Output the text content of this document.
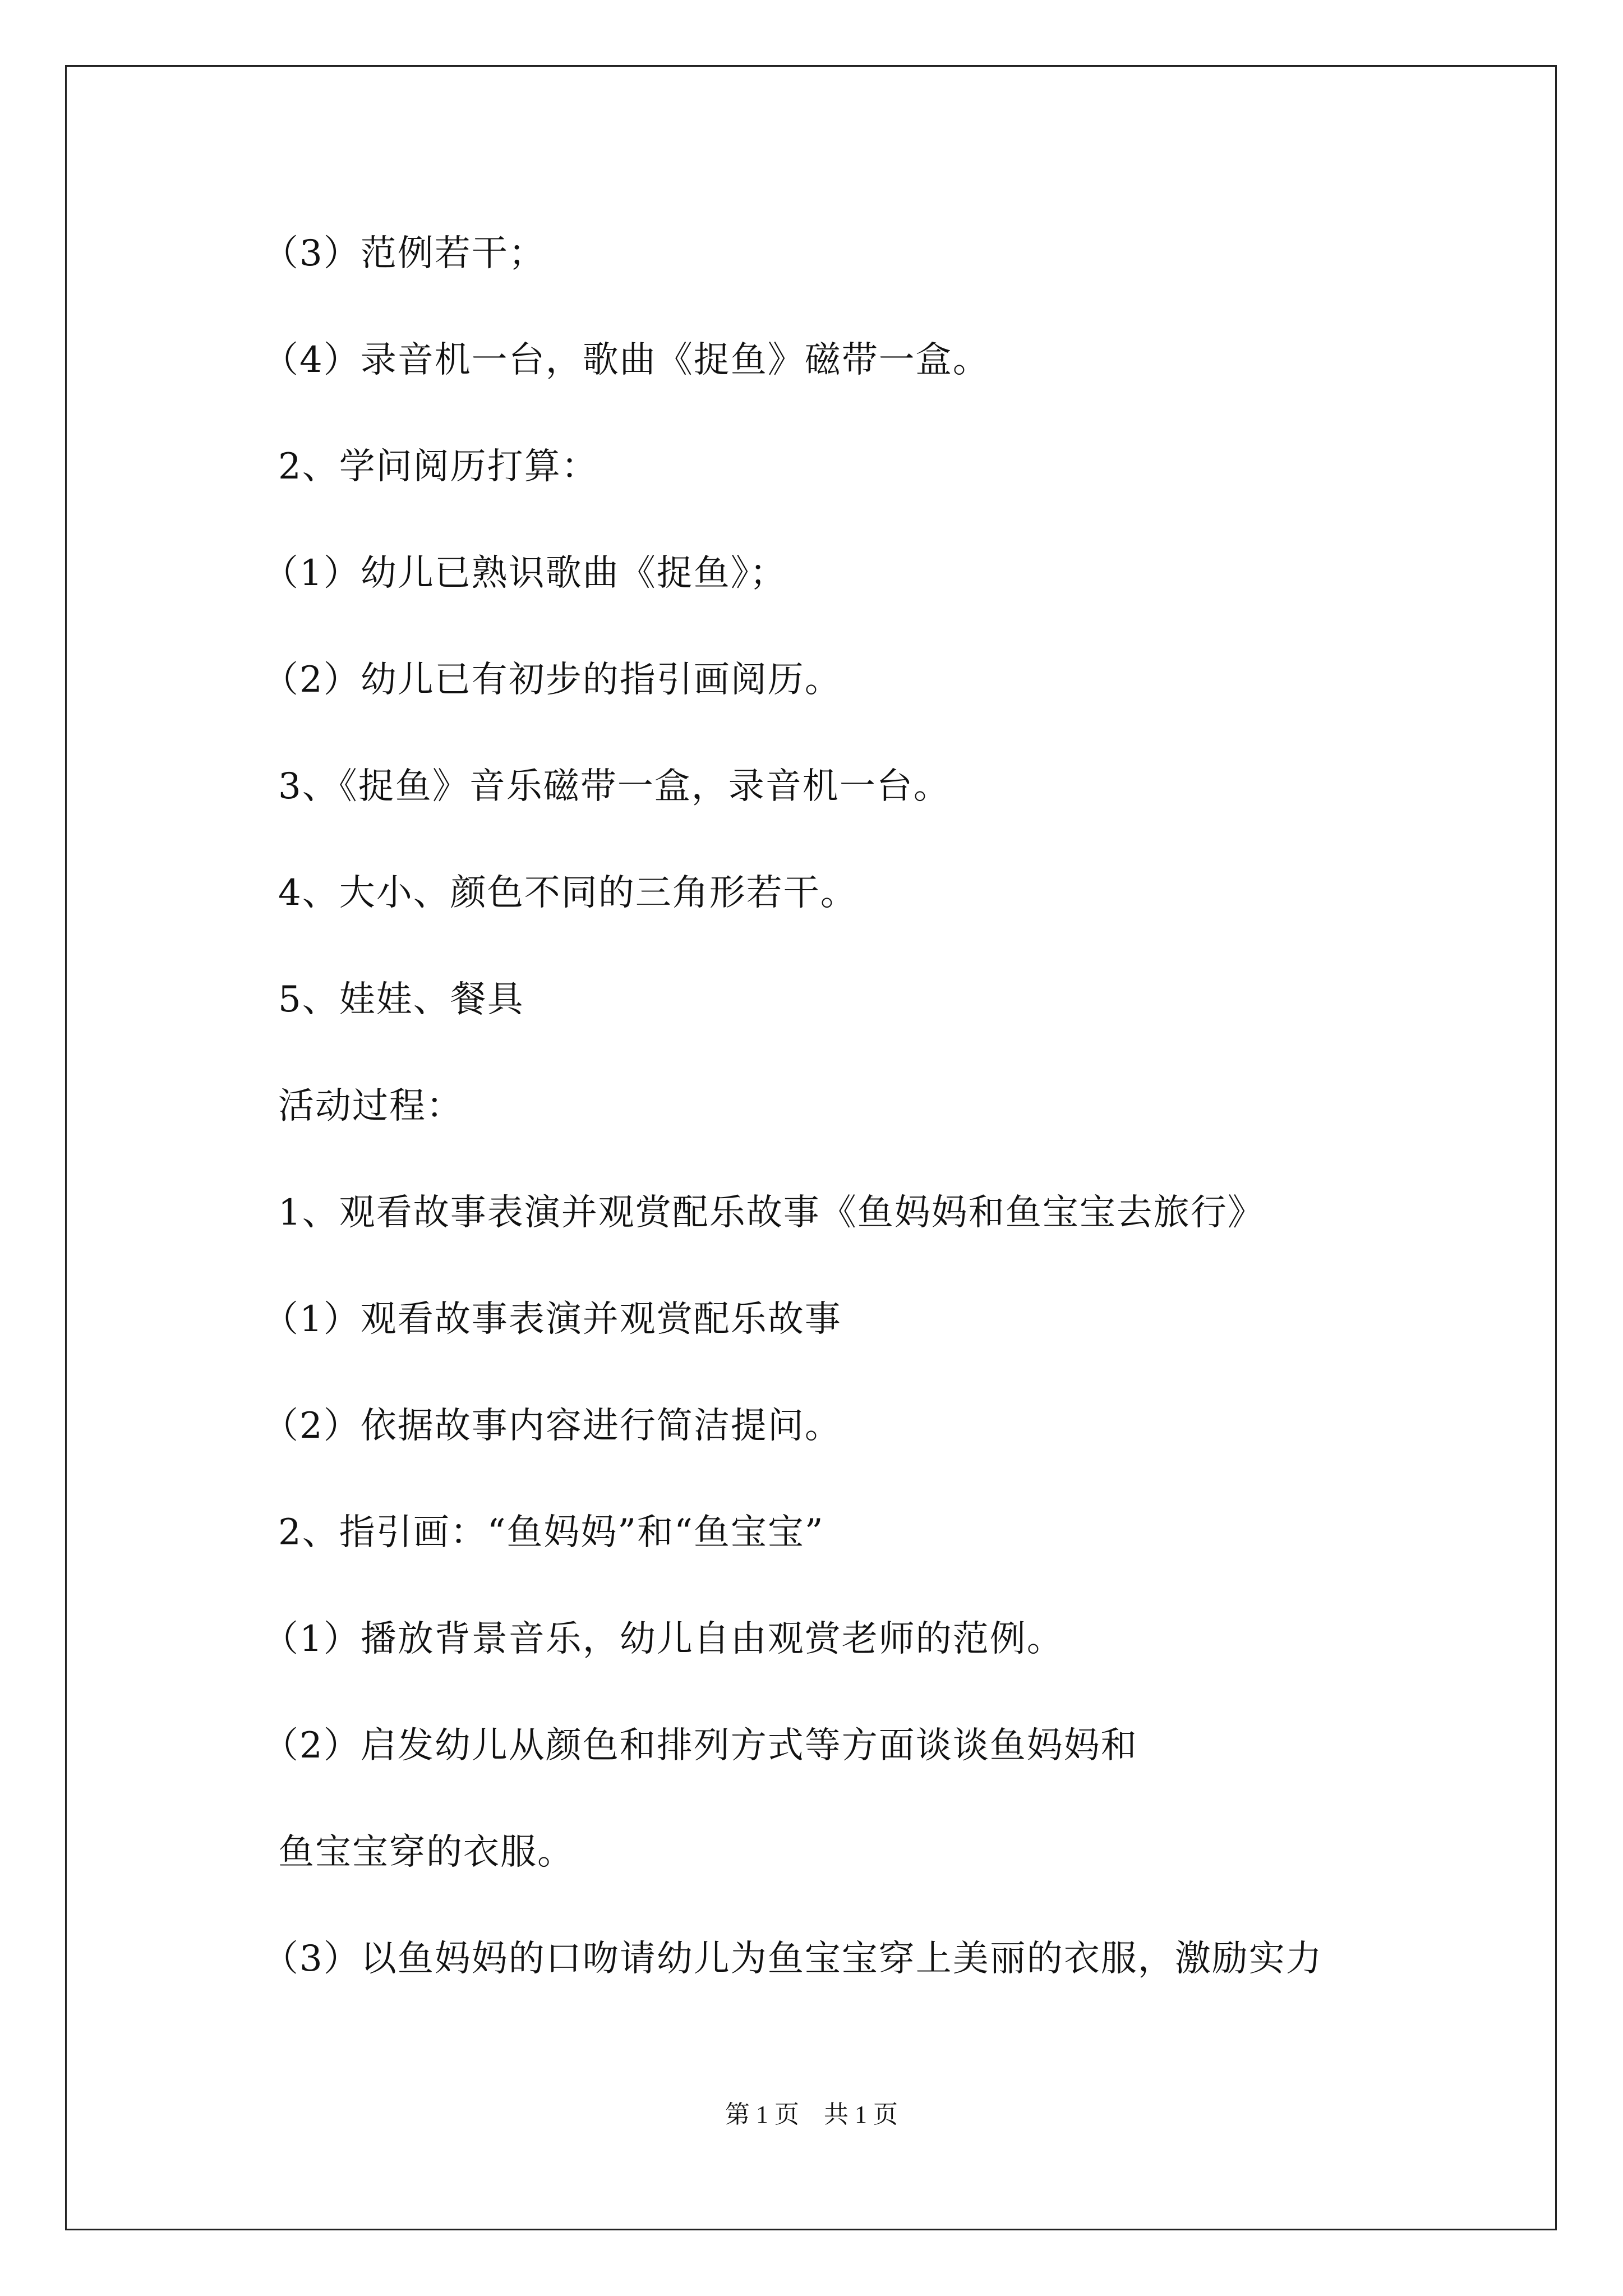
（3）范例若干；
（4）录音机一台，歌曲《捉鱼》磁带一盒。
2、学问阅历打算：
（1）幼儿已熟识歌曲《捉鱼》；
（2）幼儿已有初步的指引画阅历。
3、《捉鱼》音乐磁带一盒，录音机一台。
4、大小、颜色不同的三角形若干。
5、娃娃、餐具
活动过程：
1、观看故事表演并观赏配乐故事《鱼妈妈和鱼宝宝去旅行》
（1）观看故事表演并观赏配乐故事
（2）依据故事内容进行简洁提问。
2、指引画：“鱼妈妈”和“鱼宝宝”
（1）播放背景音乐，幼儿自由观赏老师的范例。
（2）启发幼儿从颜色和排列方式等方面谈谈鱼妈妈和
鱼宝宝穿的衣服。
（3）以鱼妈妈的口吻请幼儿为鱼宝宝穿上美丽的衣服，激励实力
第 1 页　共 1 页
